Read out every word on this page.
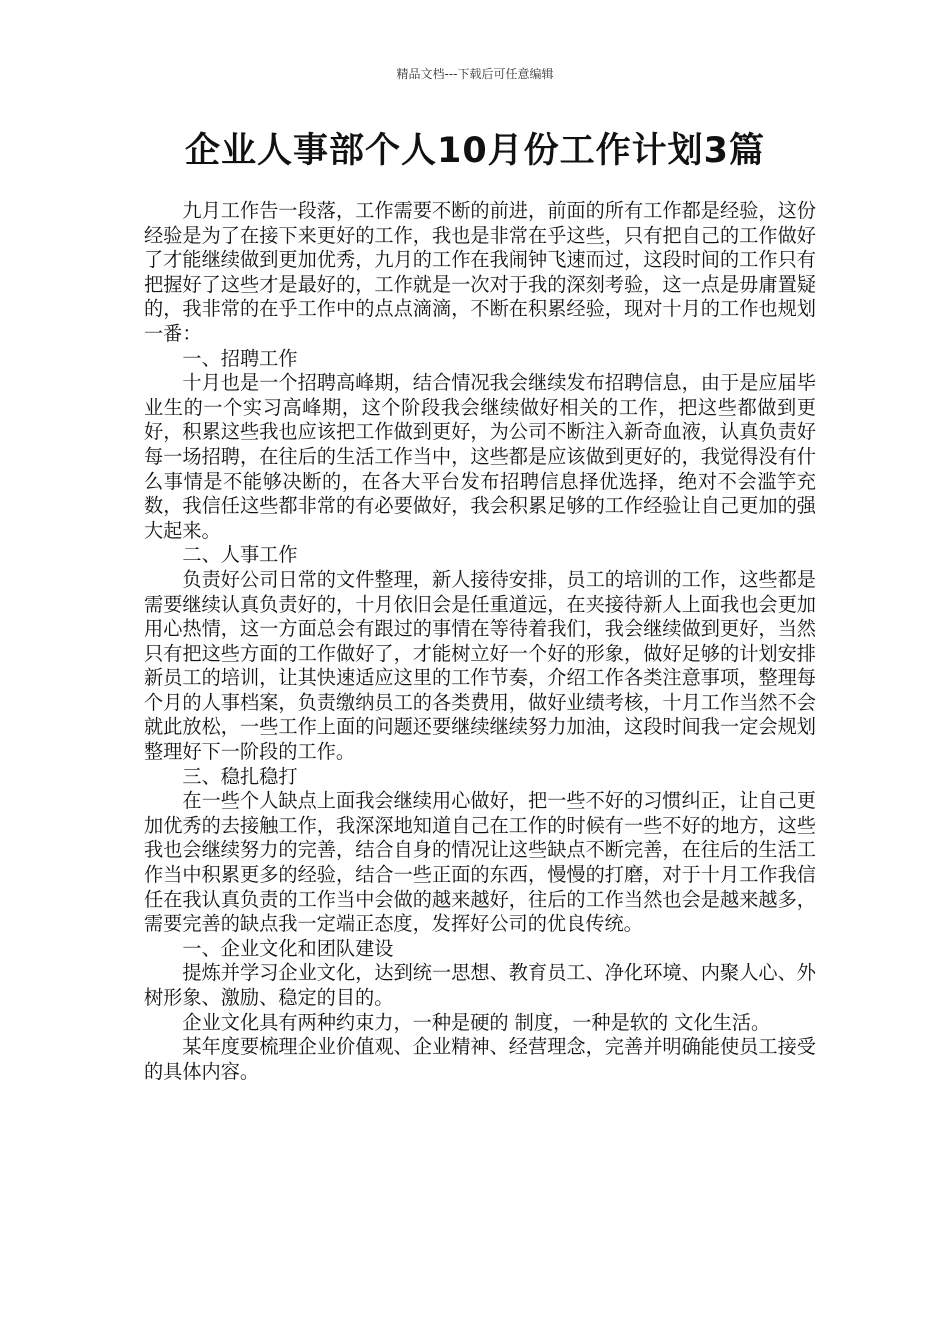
精品文档---下载后可任意编辑
企业人事部个人10月份工作计划3篇

九月工作告一段落，工作需要不断的前进，前面的所有工作都是经验，这份经验是为了在接下来更好的工作，我也是非常在乎这些，只有把自己的工作做好了才能继续做到更加优秀，九月的工作在我闹钟飞速而过，这段时间的工作只有把握好了这些才是最好的，工作就是一次对于我的深刻考验，这一点是毋庸置疑的，我非常的在乎工作中的点点滴滴，不断在积累经验，现对十月的工作也规划一番：

一、招聘工作

十月也是一个招聘高峰期，结合情况我会继续发布招聘信息，由于是应届毕业生的一个实习高峰期，这个阶段我会继续做好相关的工作，把这些都做到更好，积累这些我也应该把工作做到更好，为公司不断注入新奇血液，认真负责好每一场招聘，在往后的生活工作当中，这些都是应该做到更好的，我觉得没有什么事情是不能够决断的，在各大平台发布招聘信息择优选择，绝对不会滥竽充数，我信任这些都非常的有必要做好，我会积累足够的工作经验让自己更加的强大起来。

二、人事工作

负责好公司日常的文件整理，新人接待安排，员工的培训的工作，这些都是需要继续认真负责好的，十月依旧会是任重道远，在夹接待新人上面我也会更加用心热情，这一方面总会有跟过的事情在等待着我们，我会继续做到更好，当然只有把这些方面的工作做好了，才能树立好一个好的形象，做好足够的计划安排新员工的培训，让其快速适应这里的工作节奏，介绍工作各类注意事项，整理每个月的人事档案，负责缴纳员工的各类费用，做好业绩考核，十月工作当然不会就此放松，一些工作上面的问题还要继续继续努力加油，这段时间我一定会规划整理好下一阶段的工作。

三、稳扎稳打

在一些个人缺点上面我会继续用心做好，把一些不好的习惯纠正，让自己更加优秀的去接触工作，我深深地知道自己在工作的时候有一些不好的地方，这些我也会继续努力的完善，结合自身的情况让这些缺点不断完善，在往后的生活工作当中积累更多的经验，结合一些正面的东西，慢慢的打磨，对于十月工作我信任在我认真负责的工作当中会做的越来越好，往后的工作当然也会是越来越多，需要完善的缺点我一定端正态度，发挥好公司的优良传统。

一、企业文化和团队建设

提炼并学习企业文化，达到统一思想、教育员工、净化环境、内聚人心、外树形象、激励、稳定的目的。

企业文化具有两种约束力，一种是硬的 制度，一种是软的 文化生活。

某年度要梳理企业价值观、企业精神、经营理念，完善并明确能使员工接受的具体内容。
